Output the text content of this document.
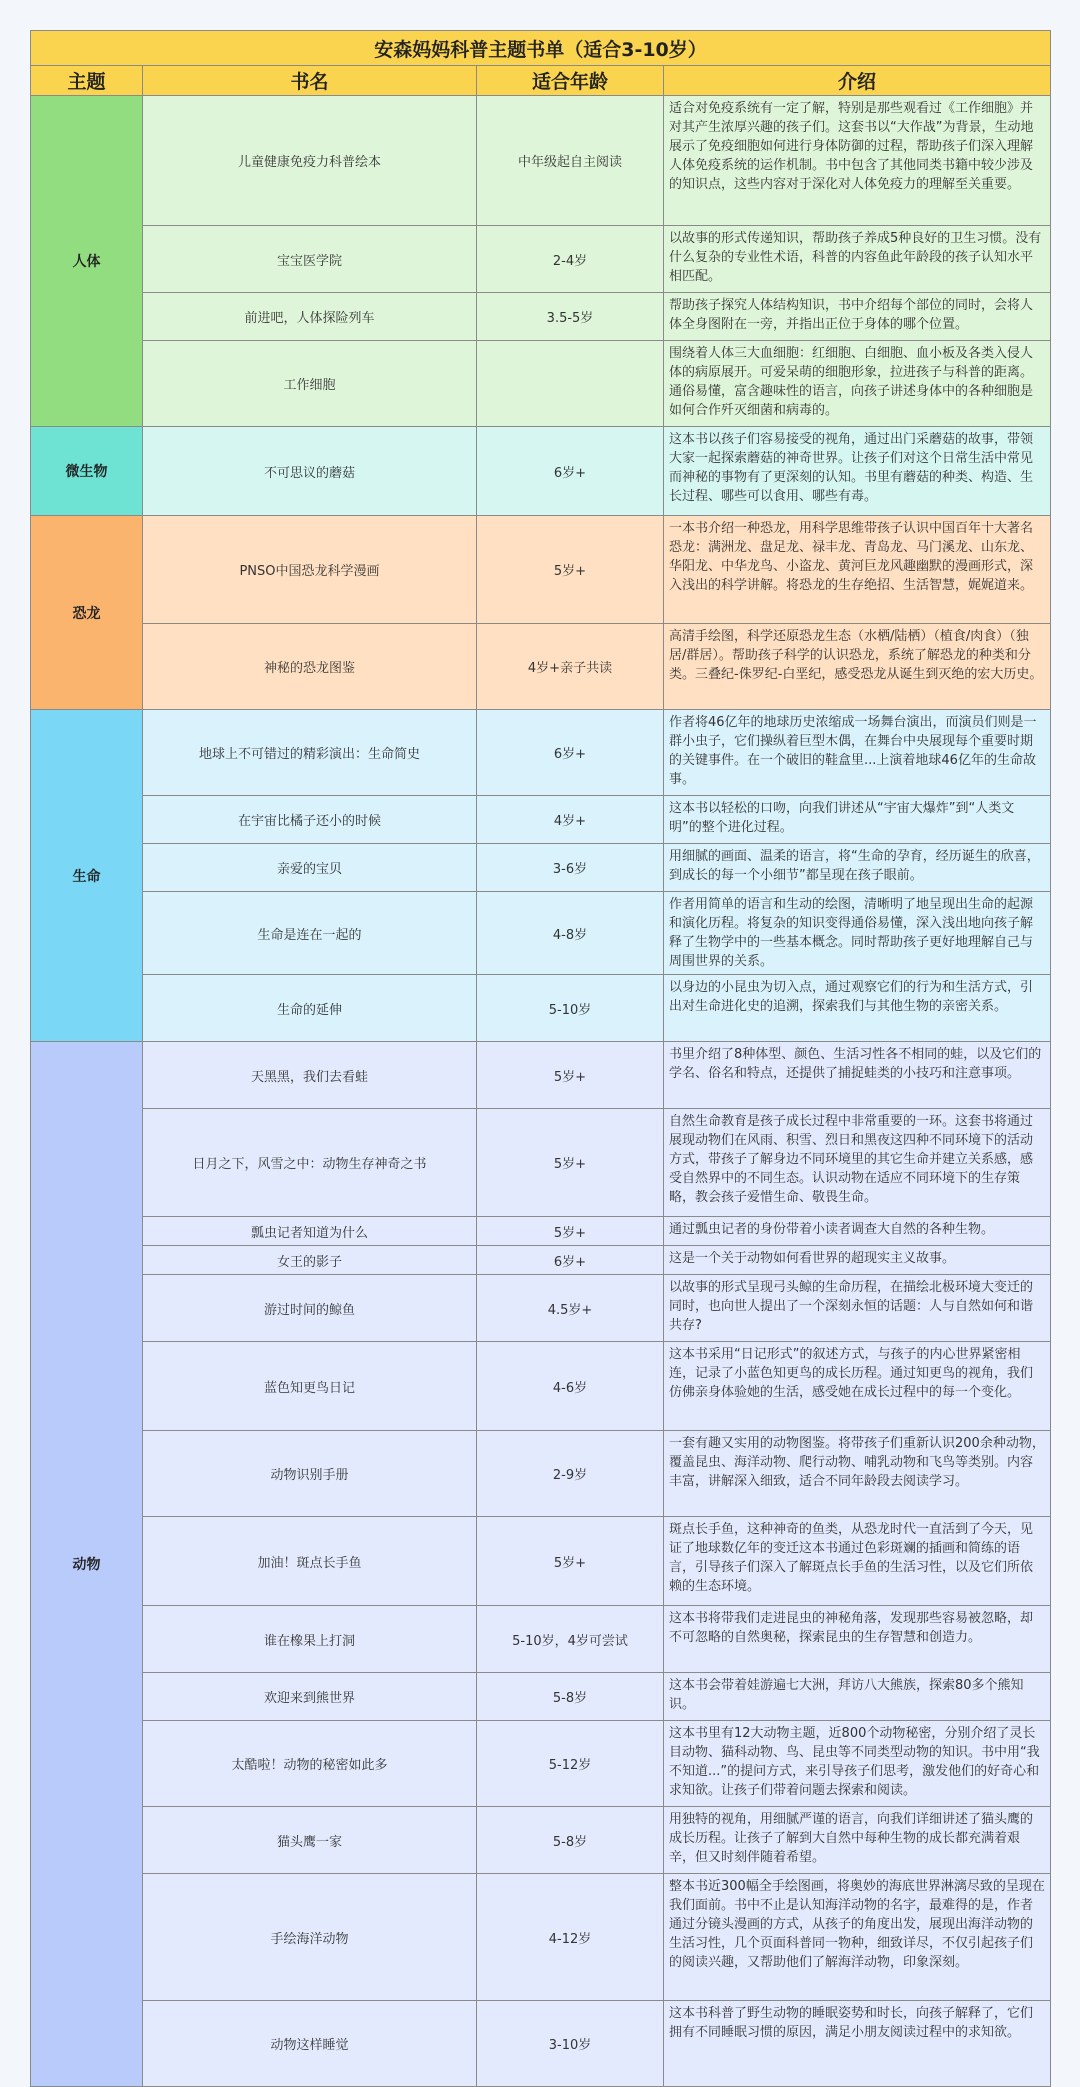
安森妈妈科普主题书单（适合3-10岁）			
主题	书名	适合年龄	介绍
人体	儿童健康免疫力科普绘本	中年级起自主阅读	适合对免疫系统有一定了解，特别是那些观看过《工作细胞》并对其产生浓厚兴趣的孩子们。这套书以“大作战”为背景，生动地展示了免疫细胞如何进行身体防御的过程，帮助孩子们深入理解人体免疫系统的运作机制。书中包含了其他同类书籍中较少涉及的知识点，这些内容对于深化对人体免疫力的理解至关重要。
	宝宝医学院	2-4岁	以故事的形式传递知识，帮助孩子养成5种良好的卫生习惯。没有什么复杂的专业性术语，科普的内容鱼此年龄段的孩子认知水平相匹配。
	前进吧，人体探险列车	3.5-5岁	帮助孩子探究人体结构知识，书中介绍每个部位的同时，会将人体全身图附在一旁，并指出正位于身体的哪个位置。
	工作细胞		围绕着人体三大血细胞：红细胞、白细胞、血小板及各类入侵人体的病原展开。可爱呆萌的细胞形象，拉进孩子与科普的距离。通俗易懂，富含趣味性的语言，向孩子讲述身体中的各种细胞是如何合作歼灭细菌和病毒的。
微生物	不可思议的蘑菇	6岁+	这本书以孩子们容易接受的视角，通过出门采蘑菇的故事，带领大家一起探索蘑菇的神奇世界。让孩子们对这个日常生活中常见而神秘的事物有了更深刻的认知。书里有蘑菇的种类、构造、生长过程、哪些可以食用、哪些有毒。
恐龙	PNSO中国恐龙科学漫画	5岁+	一本书介绍一种恐龙，用科学思维带孩子认识中国百年十大著名恐龙：满洲龙、盘足龙、禄丰龙、青岛龙、马门溪龙、山东龙、华阳龙、中华龙鸟、小盗龙、黄河巨龙风趣幽默的漫画形式，深入浅出的科学讲解。将恐龙的生存绝招、生活智慧，娓娓道来。
	神秘的恐龙图鉴	4岁+亲子共读	高清手绘图，科学还原恐龙生态（水栖/陆栖）（植食/肉食）（独居/群居）。帮助孩子科学的认识恐龙，系统了解恐龙的种类和分类。三叠纪-侏罗纪-白垩纪，感受恐龙从诞生到灭绝的宏大历史。
生命	地球上不可错过的精彩演出：生命简史	6岁+	作者将46亿年的地球历史浓缩成一场舞台演出，而演员们则是一群小虫子，它们操纵着巨型木偶，在舞台中央展现每个重要时期的关键事件。在一个破旧的鞋盒里...上演着地球46亿年的生命故事。
	在宇宙比橘子还小的时候	4岁+	这本书以轻松的口吻，向我们讲述从“宇宙大爆炸”到“人类文明”的整个进化过程。
	亲爱的宝贝	3-6岁	用细腻的画面、温柔的语言，将“生命的孕育，经历诞生的欣喜，到成长的每一个小细节”都呈现在孩子眼前。
	生命是连在一起的	4-8岁	作者用简单的语言和生动的绘图，清晰明了地呈现出生命的起源和演化历程。将复杂的知识变得通俗易懂，深入浅出地向孩子解释了生物学中的一些基本概念。同时帮助孩子更好地理解自己与周围世界的关系。
	生命的延伸	5-10岁	以身边的小昆虫为切入点，通过观察它们的行为和生活方式，引出对生命进化史的追溯，探索我们与其他生物的亲密关系。
动物	天黑黑，我们去看蛙	5岁+	书里介绍了8种体型、颜色、生活习性各不相同的蛙，以及它们的学名、俗名和特点，还提供了捕捉蛙类的小技巧和注意事项。
	日月之下，风雪之中：动物生存神奇之书	5岁+	自然生命教育是孩子成长过程中非常重要的一环。这套书将通过展现动物们在风雨、积雪、烈日和黑夜这四种不同环境下的活动方式，带孩子了解身边不同环境里的其它生命并建立关系感，感受自然界中的不同生态。认识动物在适应不同环境下的生存策略，教会孩子爱惜生命、敬畏生命。
	瓢虫记者知道为什么	5岁+	通过瓢虫记者的身份带着小读者调查大自然的各种生物。
	女王的影子	6岁+	这是一个关于动物如何看世界的超现实主义故事。
	游过时间的鲸鱼	4.5岁+	以故事的形式呈现弓头鲸的生命历程，在描绘北极环境大变迁的同时，也向世人提出了一个深刻永恒的话题：人与自然如何和谐共存?
	蓝色知更鸟日记	4-6岁	这本书采用“日记形式”的叙述方式，与孩子的内心世界紧密相连，记录了小蓝色知更鸟的成长历程。通过知更鸟的视角，我们仿佛亲身体验她的生活，感受她在成长过程中的每一个变化。
	动物识别手册	2-9岁	一套有趣又实用的动物图鉴。将带孩子们重新认识200余种动物，覆盖昆虫、海洋动物、爬行动物、哺乳动物和飞鸟等类别。内容丰富，讲解深入细致，适合不同年龄段去阅读学习。
	加油！斑点长手鱼	5岁+	斑点长手鱼，这种神奇的鱼类，从恐龙时代一直活到了今天，见证了地球数亿年的变迁这本书通过色彩斑斓的插画和简练的语言，引导孩子们深入了解斑点长手鱼的生活习性，以及它们所依赖的生态环境。
	谁在橡果上打洞	5-10岁，4岁可尝试	这本书将带我们走进昆虫的神秘角落，发现那些容易被忽略，却不可忽略的自然奥秘，探索昆虫的生存智慧和创造力。
	欢迎来到熊世界	5-8岁	这本书会带着娃游遍七大洲，拜访八大熊族，探索80多个熊知识。
	太酷啦！动物的秘密如此多	5-12岁	这本书里有12大动物主题，近800个动物秘密，分别介绍了灵长目动物、猫科动物、鸟、昆虫等不同类型动物的知识。书中用“我不知道...”的提问方式，来引导孩子们思考，激发他们的好奇心和求知欲。让孩子们带着问题去探索和阅读。
	猫头鹰一家	5-8岁	用独特的视角，用细腻严谨的语言，向我们详细讲述了猫头鹰的成长历程。让孩子了解到大自然中每种生物的成长都充满着艰辛，但又时刻伴随着希望。
	手绘海洋动物	4-12岁	整本书近300幅全手绘图画，将奥妙的海底世界淋漓尽致的呈现在我们面前。书中不止是认知海洋动物的名字，最难得的是，作者通过分镜头漫画的方式，从孩子的角度出发，展现出海洋动物的生活习性，几个页面科普同一物种，细致详尽，不仅引起孩子们的阅读兴趣，又帮助他们了解海洋动物，印象深刻。
	动物这样睡觉	3-10岁	这本书科普了野生动物的睡眠姿势和时长，向孩子解释了，它们拥有不同睡眠习惯的原因，满足小朋友阅读过程中的求知欲。
